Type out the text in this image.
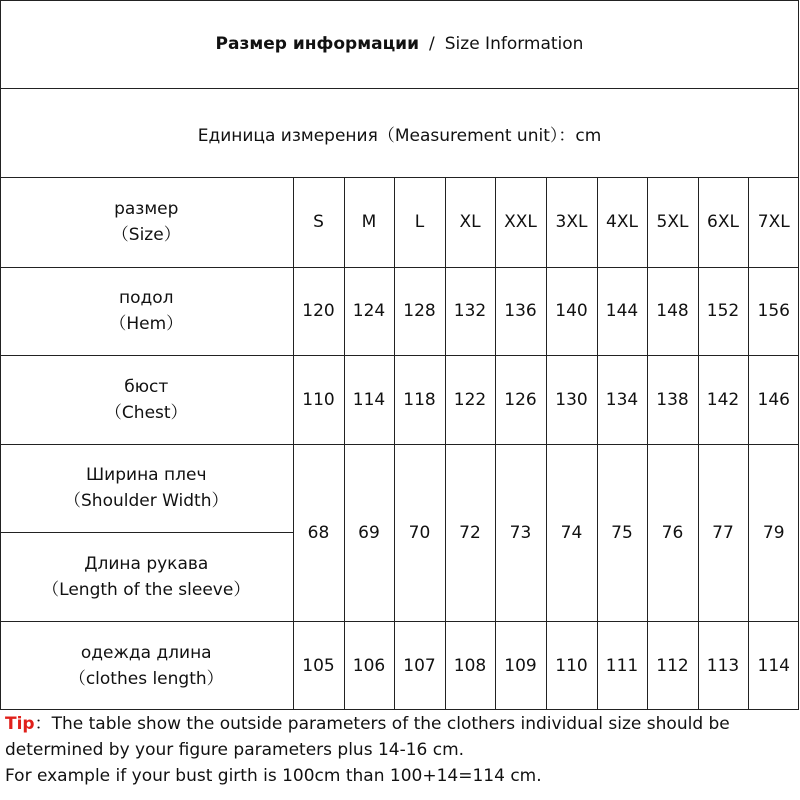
Размер информации / Size Information
Единица измерения（Measurement unit）：cm
размер
（Size）	S	M	L	XL	XXL	3XL	4XL	5XL	6XL	7XL

подол
（Hem）	120	124	128	132	136	140	144	148	152	156

бюст
（Chest）	110	114	118	122	126	130	134	138	142	146

Ширина плеч
（Shoulder Width）	68	69	70	72	73	74	75	76	77	79

Длина рукава
（Length of the sleeve）										

одежда длина
（clothes length）	105	106	107	108	109	110	111	112	113	114
Tip：The table show the outside parameters of the clothers individual size should be
determined by your figure parameters plus 14-16 cm.
For example if your bust girth is 100cm than 100+14=114 cm.
